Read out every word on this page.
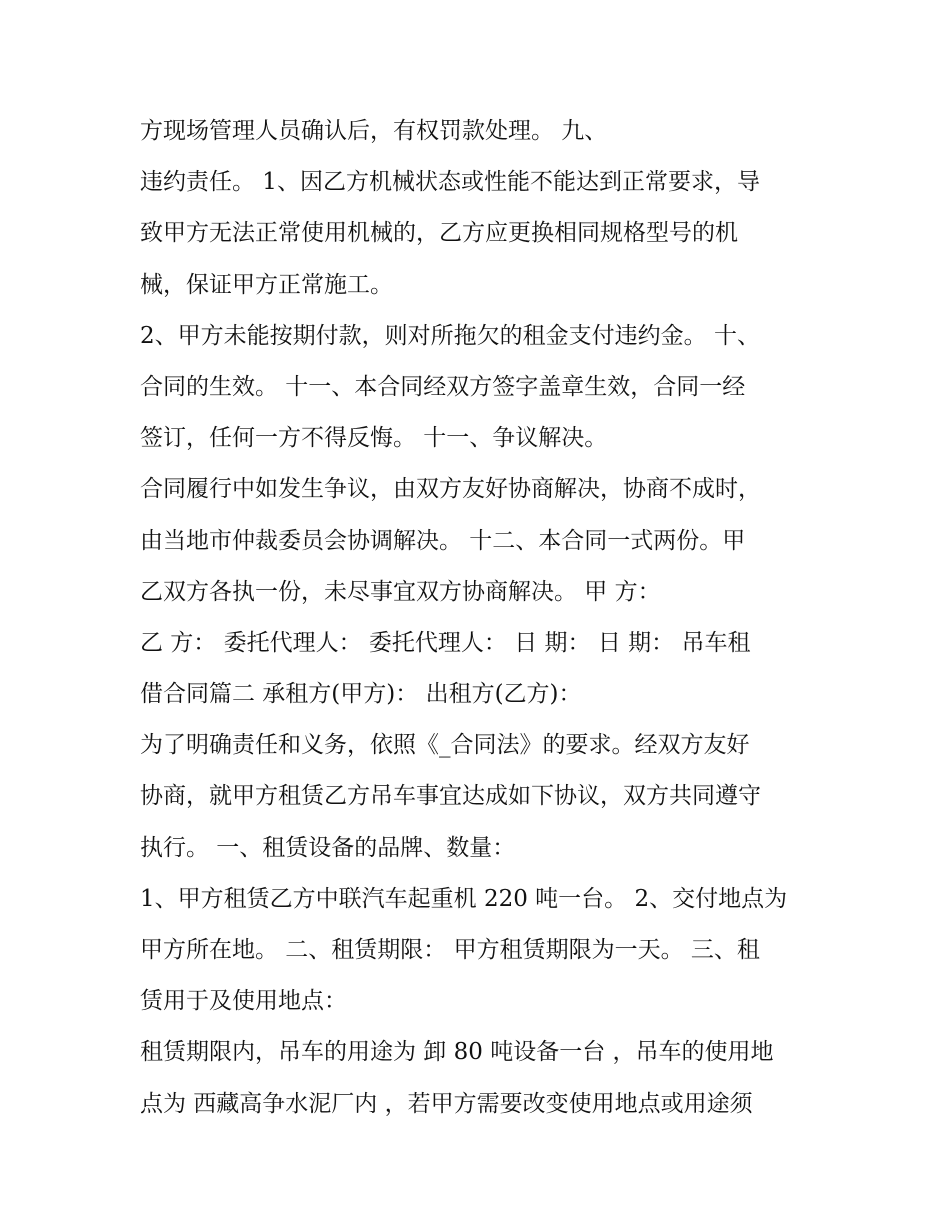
方现场管理人员确认后，有权罚款处理。 九、
违约责任。 1、因乙方机械状态或性能不能达到正常要求，导
致甲方无法正常使用机械的，乙方应更换相同规格型号的机
械，保证甲方正常施工。
2、甲方未能按期付款，则对所拖欠的租金支付违约金。 十、
合同的生效。 十一、本合同经双方签字盖章生效，合同一经
签订，任何一方不得反悔。 十一、争议解决。
合同履行中如发生争议，由双方友好协商解决，协商不成时，
由当地市仲裁委员会协调解决。 十二、本合同一式两份。甲
乙双方各执一份，未尽事宜双方协商解决。 甲 方：
乙 方： 委托代理人： 委托代理人： 日 期： 日 期： 吊车租
借合同篇二 承租方(甲方)： 出租方(乙方)：
为了明确责任和义务，依照《_合同法》的要求。经双方友好
协商，就甲方租赁乙方吊车事宜达成如下协议，双方共同遵守
执行。 一、租赁设备的品牌、数量：
1、甲方租赁乙方中联汽车起重机 220 吨一台。 2、交付地点为
甲方所在地。 二、租赁期限： 甲方租赁期限为一天。 三、租
赁用于及使用地点：
租赁期限内，吊车的用途为 卸 80 吨设备一台 ，吊车的使用地
点为 西藏高争水泥厂内 ，若甲方需要改变使用地点或用途须
